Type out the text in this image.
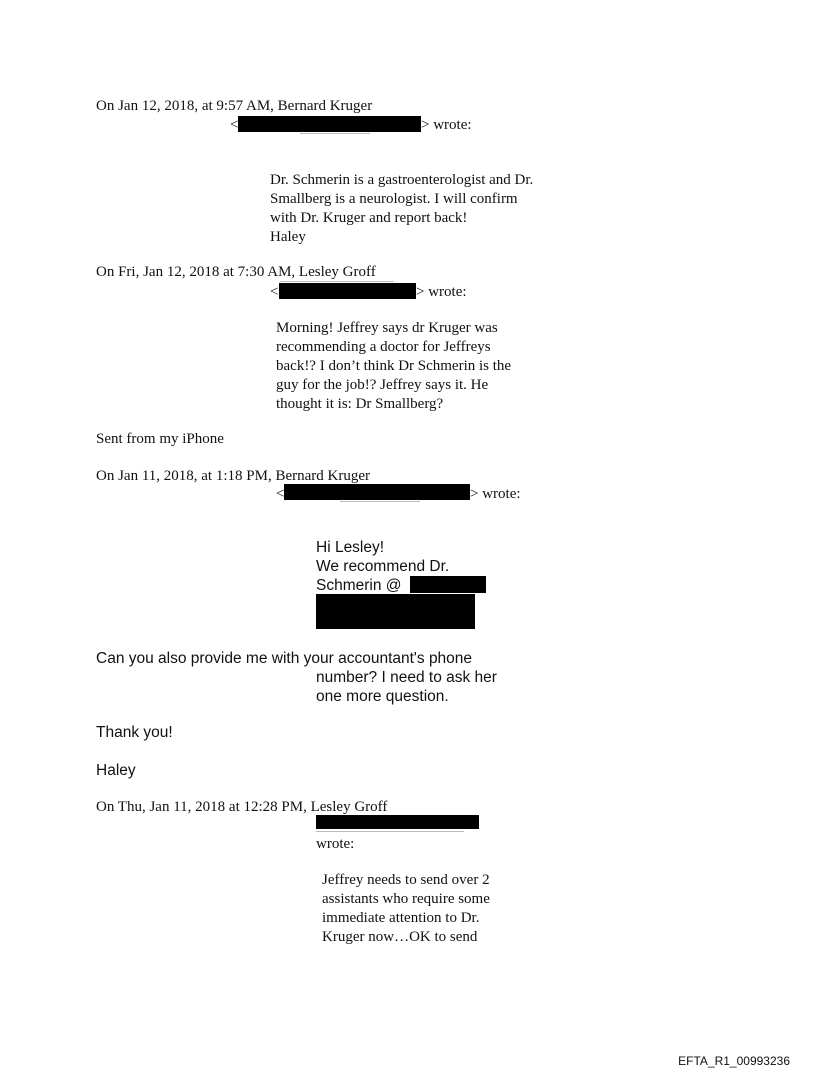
On Jan 12, 2018, at 9:57 AM, Bernard Kruger
<	> wrote:
Dr. Schmerin is a gastroenterologist and Dr.
Smallberg is a neurologist. I will confirm
with Dr. Kruger and report back!
Haley
On Fri, Jan 12, 2018 at 7:30 AM, Lesley Groff
<	> wrote:
Morning! Jeffrey says dr Kruger was
recommending a doctor for Jeffreys
back!? I don’t think Dr Schmerin is the
guy for the job!? Jeffrey says it. He
thought it is: Dr Smallberg?
Sent from my iPhone
On Jan 11, 2018, at 1:18 PM, Bernard Kruger
<	> wrote:
Hi Lesley!
We recommend Dr.
Schmerin @
Can you also provide me with your accountant's phone
number? I need to ask her
one more question.
Thank you!
Haley
On Thu, Jan 11, 2018 at 12:28 PM, Lesley Groff
wrote:
Jeffrey needs to send over 2
assistants who require some
immediate attention to Dr.
Kruger now…OK to send
EFTA_R1_00993236
